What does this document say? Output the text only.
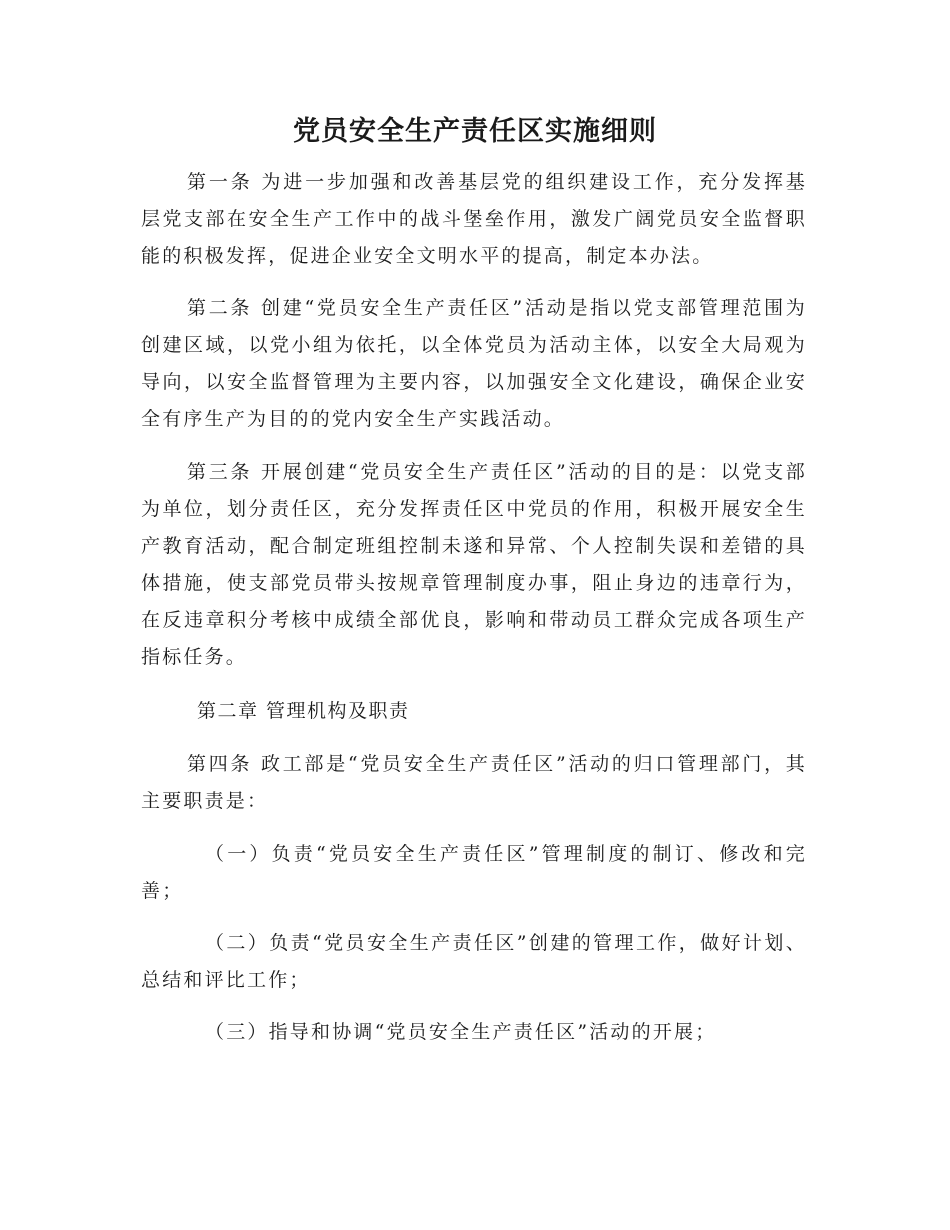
党员安全生产责任区实施细则

第一条 为进一步加强和改善基层党的组织建设工作，充分发挥基层党支部在安全生产工作中的战斗堡垒作用，激发广阔党员安全监督职能的积极发挥，促进企业安全文明水平的提高，制定本办法。

第二条 创建“党员安全生产责任区”活动是指以党支部管理范围为创建区域，以党小组为依托，以全体党员为活动主体，以安全大局观为导向，以安全监督管理为主要内容，以加强安全文化建设，确保企业安全有序生产为目的的党内安全生产实践活动。

第三条 开展创建“党员安全生产责任区”活动的目的是：以党支部为单位，划分责任区，充分发挥责任区中党员的作用，积极开展安全生产教育活动，配合制定班组控制未遂和异常、个人控制失误和差错的具体措施，使支部党员带头按规章管理制度办事，阻止身边的违章行为，在反违章积分考核中成绩全部优良，影响和带动员工群众完成各项生产指标任务。

第二章 管理机构及职责

第四条 政工部是“党员安全生产责任区”活动的归口管理部门，其主要职责是：

（一）负责“党员安全生产责任区”管理制度的制订、修改和完善；

（二）负责“党员安全生产责任区”创建的管理工作，做好计划、总结和评比工作；

（三）指导和协调“党员安全生产责任区”活动的开展；
